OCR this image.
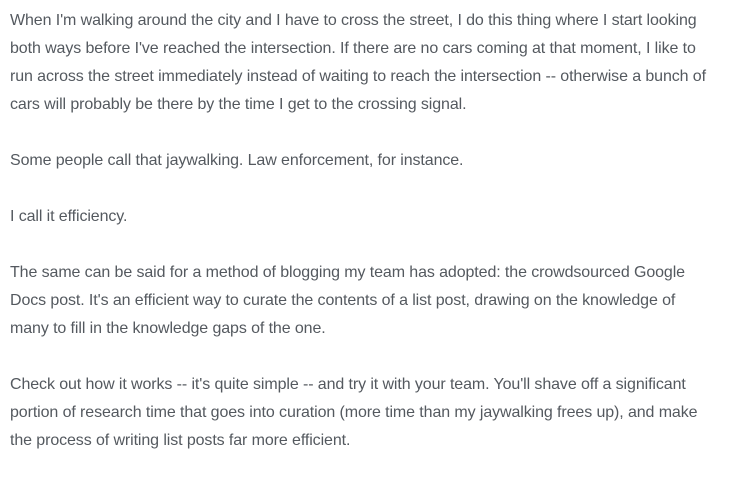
When I'm walking around the city and I have to cross the street, I do this thing where I start looking both ways before I've reached the intersection. If there are no cars coming at that moment, I like to run across the street immediately instead of waiting to reach the intersection -- otherwise a bunch of cars will probably be there by the time I get to the crossing signal.

Some people call that jaywalking. Law enforcement, for instance.

I call it efficiency.

The same can be said for a method of blogging my team has adopted: the crowdsourced Google Docs post. It's an efficient way to curate the contents of a list post, drawing on the knowledge of many to fill in the knowledge gaps of the one.

Check out how it works -- it's quite simple -- and try it with your team. You'll shave off a significant portion of research time that goes into curation (more time than my jaywalking frees up), and make the process of writing list posts far more efficient.
